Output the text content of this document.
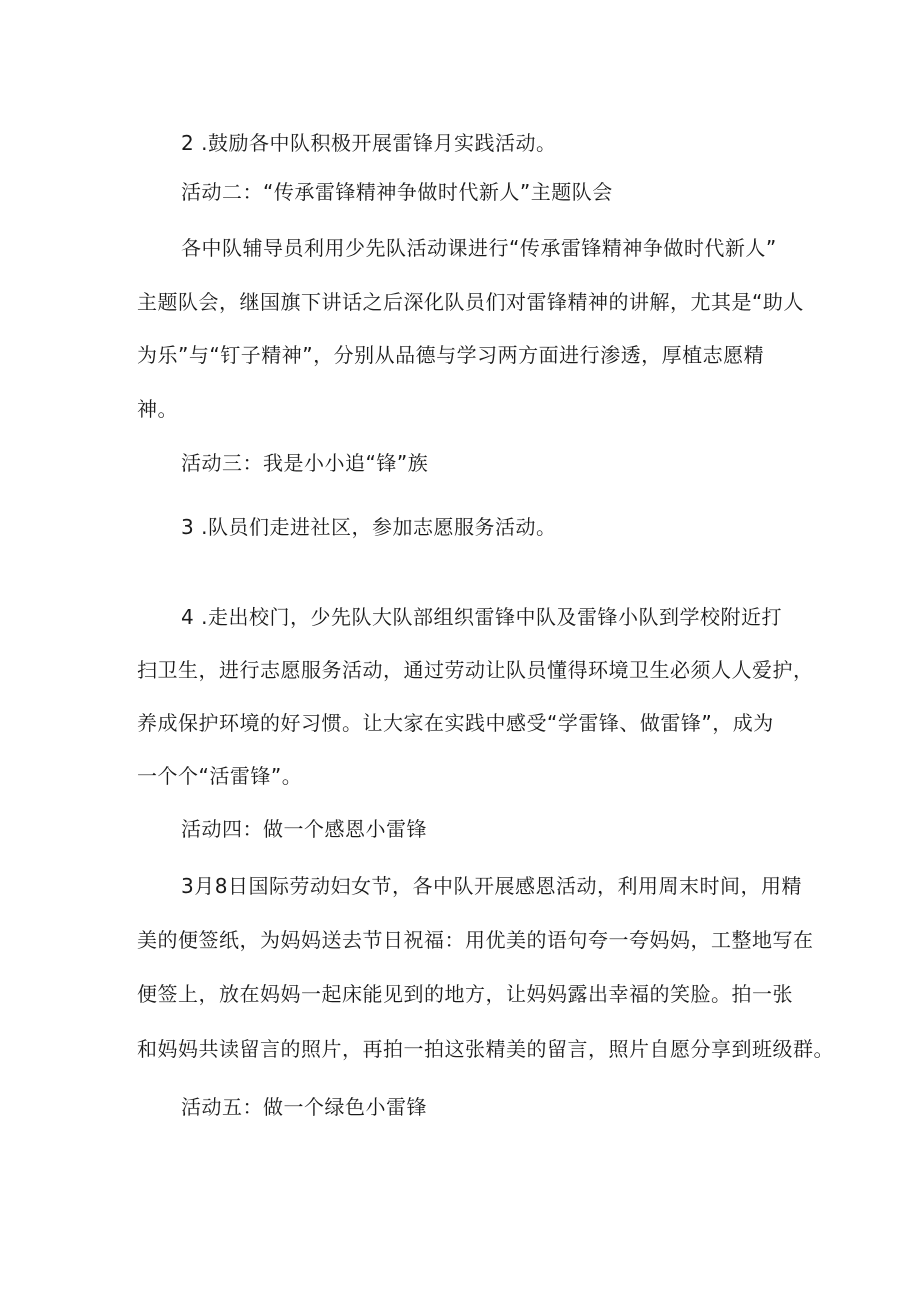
2 .鼓励各中队积极开展雷锋月实践活动。
活动二：“传承雷锋精神争做时代新人”主题队会
各中队辅导员利用少先队活动课进行“传承雷锋精神争做时代新人”
主题队会，继国旗下讲话之后深化队员们对雷锋精神的讲解，尤其是“助人
为乐”与“钉子精神”，分别从品德与学习两方面进行渗透，厚植志愿精
神。
活动三：我是小小追“锋”族
3 .队员们走进社区，参加志愿服务活动。
4 .走出校门，少先队大队部组织雷锋中队及雷锋小队到学校附近打
扫卫生，进行志愿服务活动，通过劳动让队员懂得环境卫生必须人人爱护，
养成保护环境的好习惯。让大家在实践中感受“学雷锋、做雷锋”，成为
一个个“活雷锋”。
活动四：做一个感恩小雷锋
3月8日国际劳动妇女节，各中队开展感恩活动，利用周末时间，用精
美的便签纸，为妈妈送去节日祝福：用优美的语句夸一夸妈妈，工整地写在
便签上，放在妈妈一起床能见到的地方，让妈妈露出幸福的笑脸。拍一张
和妈妈共读留言的照片，再拍一拍这张精美的留言，照片自愿分享到班级群。
活动五：做一个绿色小雷锋
